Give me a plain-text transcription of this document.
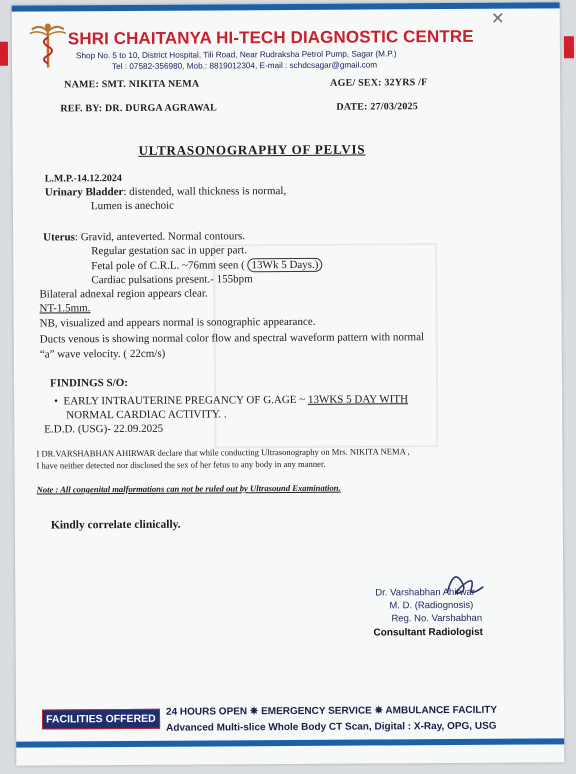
SHRI CHAITANYA HI-TECH DIAGNOSTIC CENTRE
Shop No. 5 to 10, District Hospital, Tili Road, Near Rudraksha Petrol Pump, Sagar (M.P.)
Tel : 07582-356980, Mob.: 8819012304, E-mail : schdcsagar@gmail.com
✕
NAME: SMT. NIKITA NEMA	AGE/ SEX: 32YRS /F
REF. BY: DR. DURGA AGRAWAL	DATE: 27/03/2025
ULTRASONOGRAPHY OF PELVIS
L.M.P.-14.12.2024
Urinary Bladder: distended, wall thickness is normal,
Lumen is anechoic
Uterus: Gravid, anteverted. Normal contours.
Regular gestation sac in upper part.
Fetal pole of C.R.L. ~76mm seen ( 13Wk 5 Days.)
Cardiac pulsations present.- 155bpm
Bilateral adnexal region appears clear.
NT-1.5mm.
NB, visualized and appears normal is sonographic appearance.
Ducts venous is showing normal color flow and spectral waveform pattern with normal
“a” wave velocity. ( 22cm/s)
FINDINGS S/O:
•  EARLY INTRAUTERINE PREGANCY OF G.AGE ~ 13WKS 5 DAY WITH
NORMAL CARDIAC ACTIVITY. .
E.D.D. (USG)- 22.09.2025
I DR.VARSHABHAN AHIRWAR declare that while conducting Ultrasonography on Mrs. NIKITA NEMA ,
I have neither detected nor disclosed the sex of her fetus to any body in any manner.
Note : All congenital malformations can not be ruled out by Ultrasound Examination.
Kindly correlate clinically.
Dr. Varshabhan Ahirwar
M. D. (Radiognosis)
Reg. No. Varshabhan
Consultant Radiologist
FACILITIES OFFERED
24 HOURS OPEN ✵ EMERGENCY SERVICE ✵ AMBULANCE FACILITY
Advanced Multi-slice Whole Body CT Scan, Digital : X-Ray, OPG, USG
